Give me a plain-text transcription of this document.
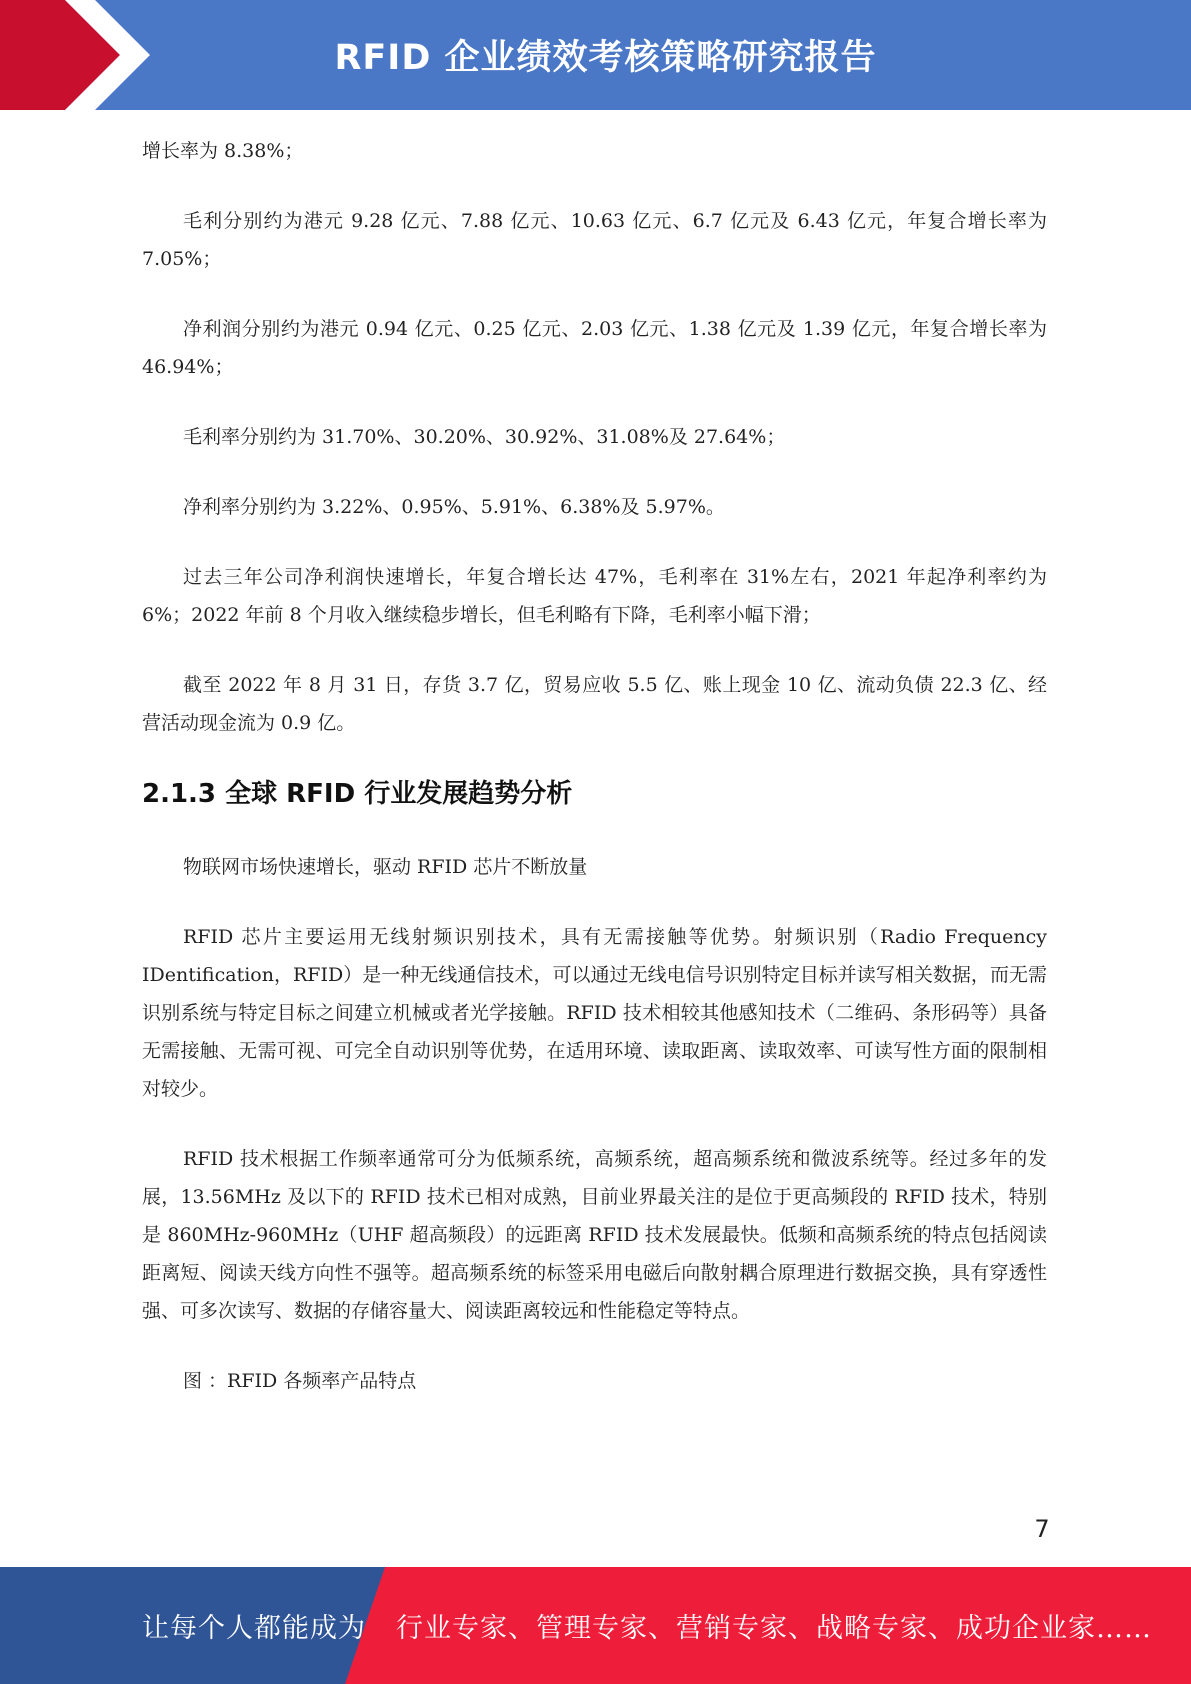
RFID 企业绩效考核策略研究报告

增长率为 8.38%；

毛利分别约为港元 9.28 亿元、7.88 亿元、10.63 亿元、6.7 亿元及 6.43 亿元，年复合增长率为 7.05%；

净利润分别约为港元 0.94 亿元、0.25 亿元、2.03 亿元、1.38 亿元及 1.39 亿元，年复合增长率为 46.94%；

毛利率分别约为 31.70%、30.20%、30.92%、31.08%及 27.64%；

净利率分别约为 3.22%、0.95%、5.91%、6.38%及 5.97%。

过去三年公司净利润快速增长，年复合增长达 47%，毛利率在 31%左右，2021 年起净利率约为 6%；2022 年前 8 个月收入继续稳步增长，但毛利略有下降，毛利率小幅下滑；

截至 2022 年 8 月 31 日，存货 3.7 亿，贸易应收 5.5 亿、账上现金 10 亿、流动负债 22.3 亿、经营活动现金流为 0.9 亿。

2.1.3 全球 RFID 行业发展趋势分析

物联网市场快速增长，驱动 RFID 芯片不断放量

RFID 芯片主要运用无线射频识别技术，具有无需接触等优势。射频识别（Radio Frequency IDentification，RFID）是一种无线通信技术，可以通过无线电信号识别特定目标并读写相关数据，而无需识别系统与特定目标之间建立机械或者光学接触。RFID 技术相较其他感知技术（二维码、条形码等）具备无需接触、无需可视、可完全自动识别等优势，在适用环境、读取距离、读取效率、可读写性方面的限制相对较少。

RFID 技术根据工作频率通常可分为低频系统，高频系统，超高频系统和微波系统等。经过多年的发展，13.56MHz 及以下的 RFID 技术已相对成熟，目前业界最关注的是位于更高频段的 RFID 技术，特别是 860MHz-960MHz（UHF 超高频段）的远距离 RFID 技术发展最快。低频和高频系统的特点包括阅读距离短、阅读天线方向性不强等。超高频系统的标签采用电磁后向散射耦合原理进行数据交换，具有穿透性强、可多次读写、数据的存储容量大、阅读距离较远和性能稳定等特点。

图 ：RFID 各频率产品特点

7
让每个人都能成为 行业专家、管理专家、营销专家、战略专家、成功企业家……
